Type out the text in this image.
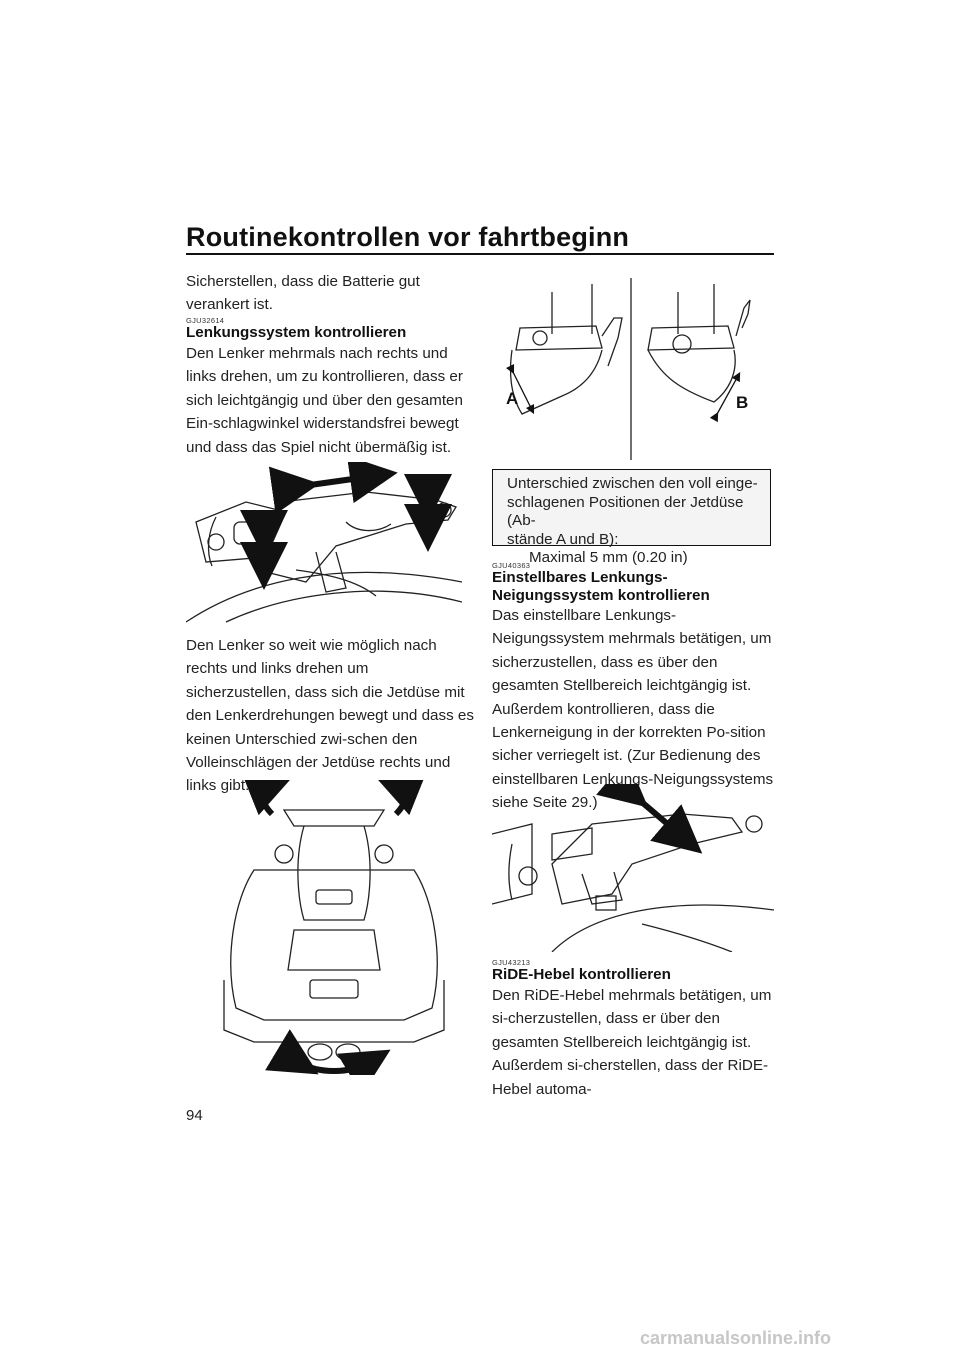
Routinekontrollen vor fahrtbeginn
Sicherstellen, dass die Batterie gut verankert ist.
GJU32614
Lenkungssystem kontrollieren
Den Lenker mehrmals nach rechts und links drehen, um zu kontrollieren, dass er sich leichtgängig und über den gesamten Ein-schlagwinkel widerstandsfrei bewegt und dass das Spiel nicht übermäßig ist.
Den Lenker so weit wie möglich nach rechts und links drehen um sicherzustellen, dass sich die Jetdüse mit den Lenkerdrehungen bewegt und dass es keinen Unterschied zwi-schen den Volleinschlägen der Jetdüse rechts und links gibt.
A	B
Unterschied zwischen den voll einge-
schlagenen Positionen der Jetdüse (Ab-
stände A und B):
Maximal 5 mm (0.20 in)
GJU40363
Einstellbares Lenkungs-Neigungssystem kontrollieren
Das einstellbare Lenkungs-Neigungssystem mehrmals betätigen, um sicherzustellen, dass es über den gesamten Stellbereich leichtgängig ist. Außerdem kontrollieren, dass die Lenkerneigung in der korrekten Po-sition sicher verriegelt ist. (Zur Bedienung des einstellbaren Lenkungs-Neigungssystems siehe Seite 29.)
GJU43213
RiDE-Hebel kontrollieren
Den RiDE-Hebel mehrmals betätigen, um si-cherzustellen, dass er über den gesamten Stellbereich leichtgängig ist. Außerdem si-cherstellen, dass der RiDE-Hebel automa-
94
carmanualsonline.info
